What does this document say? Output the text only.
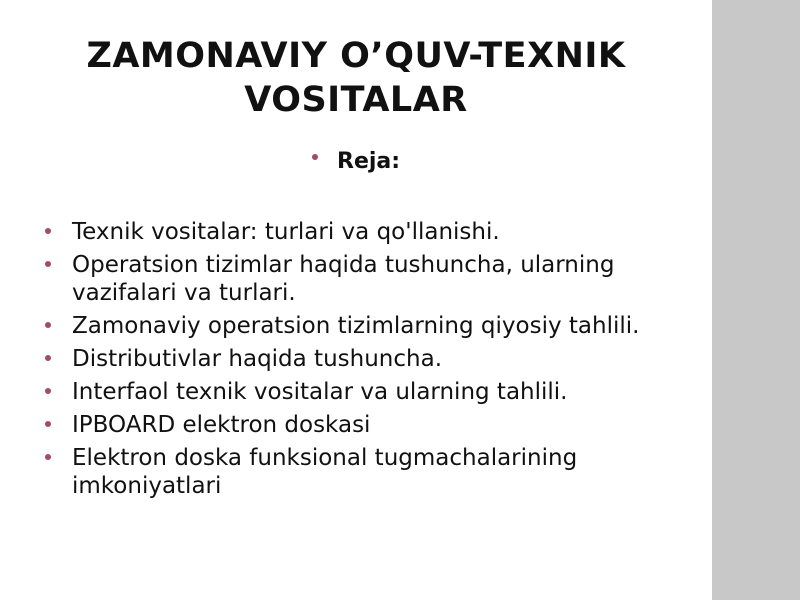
ZAMONAVIY O’QUV-TEXNIK
VOSITALAR
Reja:
Texnik vositalar: turlari va qo'llanishi.
Operatsion tizimlar haqida tushuncha, ularning vazifalari va turlari.
Zamonaviy operatsion tizimlarning qiyosiy tahlili.
Distributivlar haqida tushuncha.
Interfaol texnik vositalar va ularning tahlili.
IPBOARD elektron doskasi
Elektron doska funksional tugmachalarining imkoniyatlari
